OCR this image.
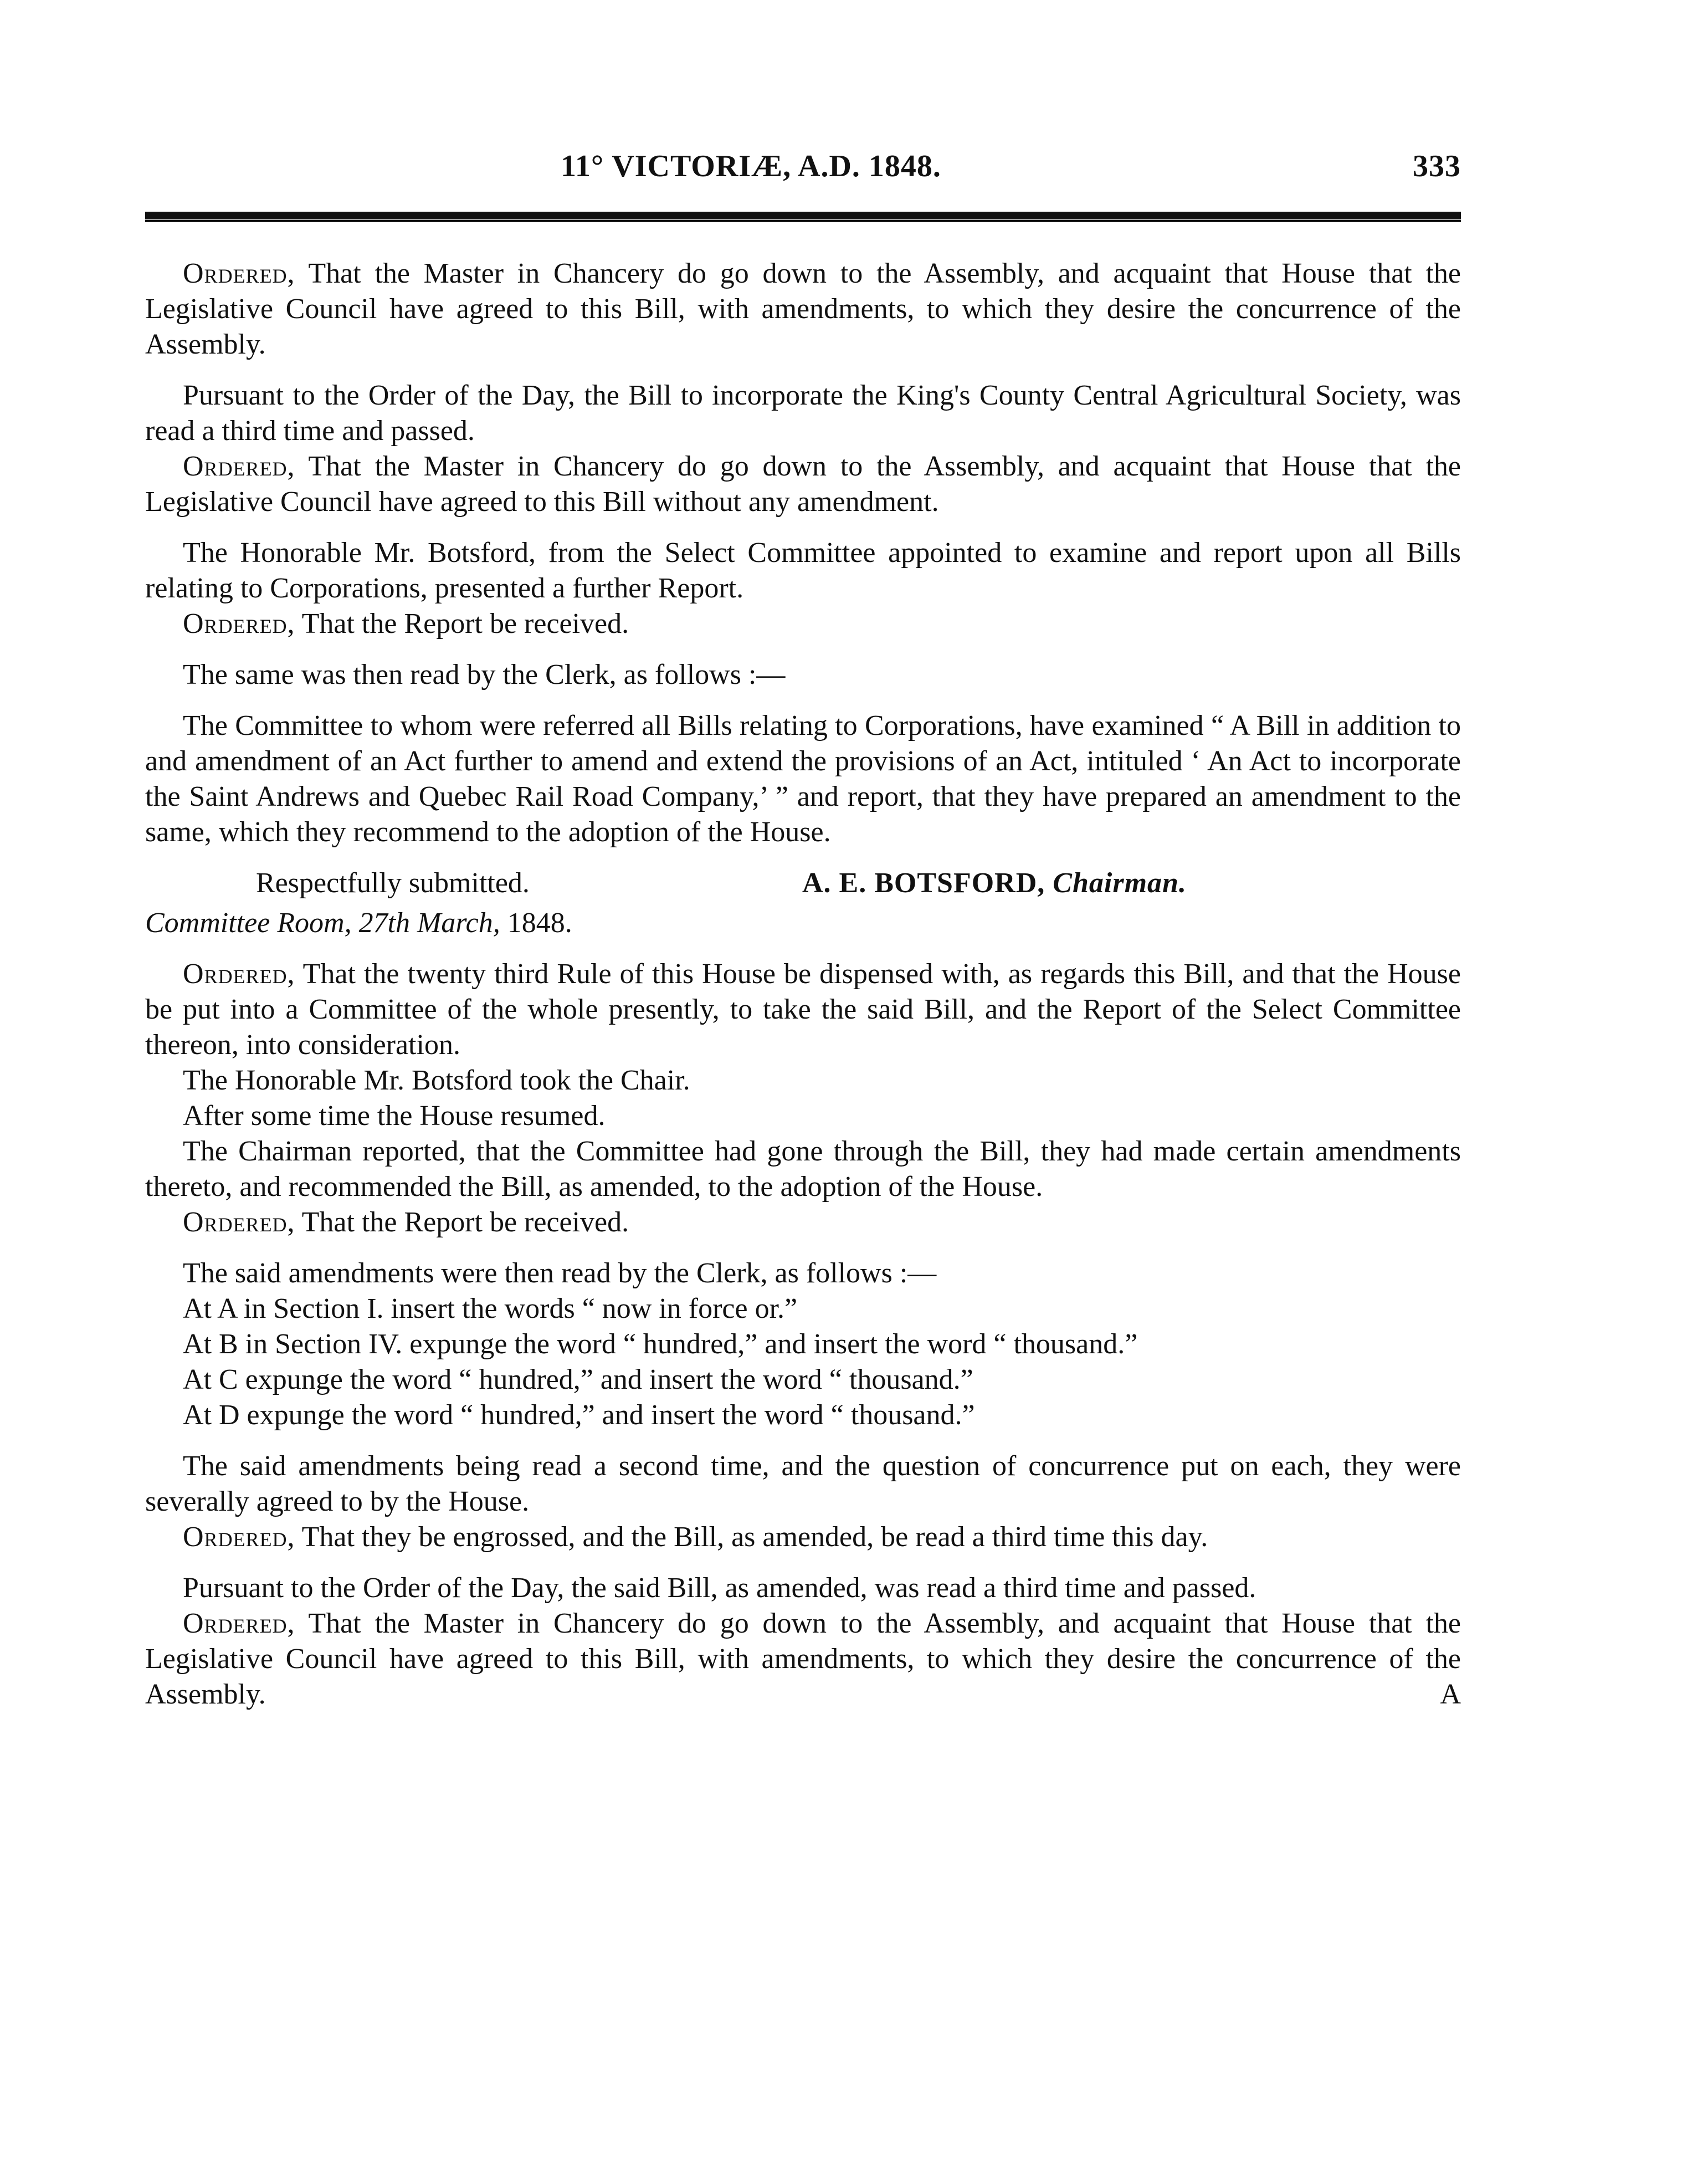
11° VICTORIÆ, A.D. 1848.	333

Ordered, That the Master in Chancery do go down to the Assembly, and acquaint that House that the Legislative Council have agreed to this Bill, with amendments, to which they desire the concurrence of the Assembly.

Pursuant to the Order of the Day, the Bill to incorporate the King's County Central Agricultural Society, was read a third time and passed.

Ordered, That the Master in Chancery do go down to the Assembly, and acquaint that House that the Legislative Council have agreed to this Bill without any amendment.

The Honorable Mr. Botsford, from the Select Committee appointed to examine and report upon all Bills relating to Corporations, presented a further Report.

Ordered, That the Report be received.

The same was then read by the Clerk, as follows :—

The Committee to whom were referred all Bills relating to Corporations, have examined “ A Bill in addition to and amendment of an Act further to amend and extend the provisions of an Act, intituled ‘ An Act to incorporate the Saint Andrews and Quebec Rail Road Company,’ ” and report, that they have prepared an amendment to the same, which they recommend to the adoption of the House.

Respectfully submitted.	A. E. BOTSFORD, Chairman.

Committee Room, 27th March, 1848.

Ordered, That the twenty third Rule of this House be dispensed with, as regards this Bill, and that the House be put into a Committee of the whole presently, to take the said Bill, and the Report of the Select Committee thereon, into consideration.

The Honorable Mr. Botsford took the Chair.

After some time the House resumed.

The Chairman reported, that the Committee had gone through the Bill, they had made certain amendments thereto, and recommended the Bill, as amended, to the adoption of the House.

Ordered, That the Report be received.

The said amendments were then read by the Clerk, as follows :—

At A in Section I. insert the words “ now in force or.”

At B in Section IV. expunge the word “ hundred,” and insert the word “ thousand.”

At C expunge the word “ hundred,” and insert the word “ thousand.”

At D expunge the word “ hundred,” and insert the word “ thousand.”

The said amendments being read a second time, and the question of concurrence put on each, they were severally agreed to by the House.

Ordered, That they be engrossed, and the Bill, as amended, be read a third time this day.

Pursuant to the Order of the Day, the said Bill, as amended, was read a third time and passed.

Ordered, That the Master in Chancery do go down to the Assembly, and acquaint that House that the Legislative Council have agreed to this Bill, with amendments, to which they desire the concurrence of the Assembly.	A
